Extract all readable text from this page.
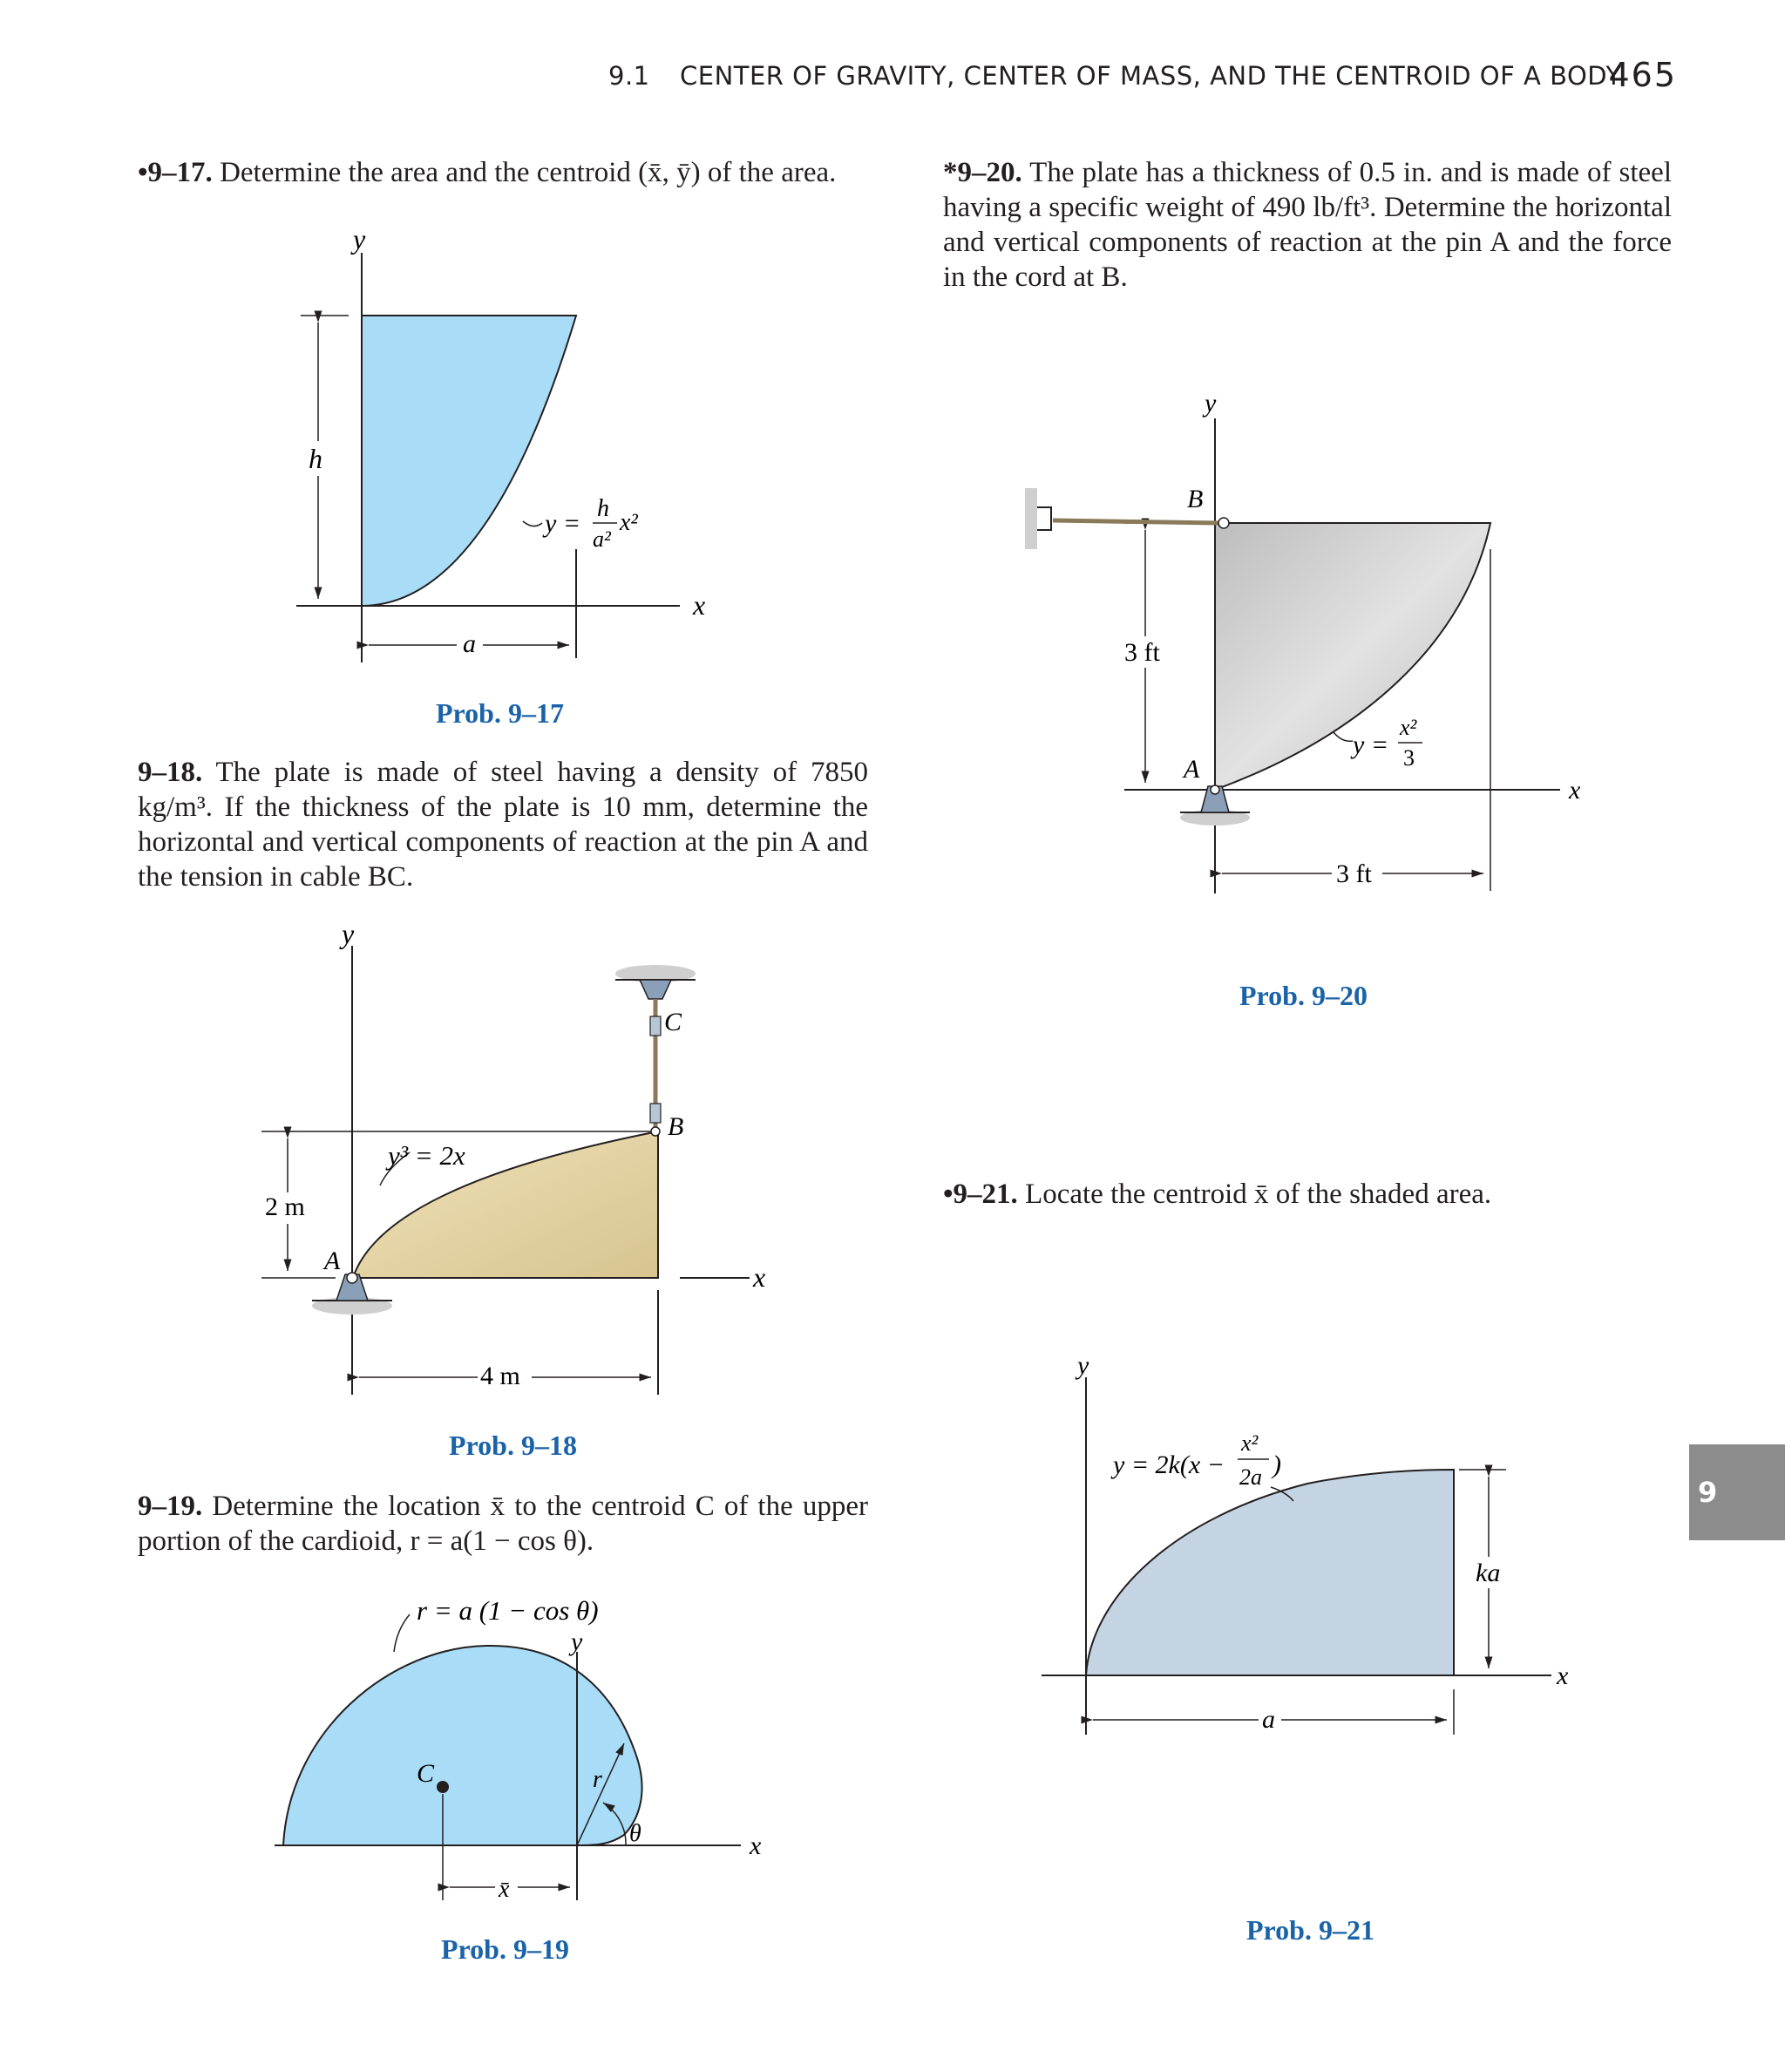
9.1 CENTER OF GRAVITY, CENTER OF MASS, AND THE CENTROID OF A BODY
465
•9–17. Determine the area and the centroid (x̄, ȳ) of the area.
9–18. The plate is made of steel having a density of 7850 kg/m³. If the thickness of the plate is 10 mm, determine the horizontal and vertical components of reaction at the pin A and the tension in cable BC.
9–19. Determine the location x̄ to the centroid C of the upper portion of the cardioid, r = a(1 − cos θ).
*9–20. The plate has a thickness of 0.5 in. and is made of steel having a specific weight of 490 lb/ft³. Determine the horizontal and vertical components of reaction at the pin A and the force in the cord at B.
•9–21. Locate the centroid x̄ of the shaded area.
Prob. 9–17
Prob. 9–18
Prob. 9–19
Prob. 9–20
Prob. 9–21
9
y
x
h
a
y =
h
a²
x²
y
x
y³ = 2x
2 m
4 m
A
B
C
r = a (1 − cos θ)
y
x
C	r
θ
x̄
y
x
B
A
3 ft
3 ft
y =
x²
3
y
x
y = 2k(x −
x²
2a )
ka
a
